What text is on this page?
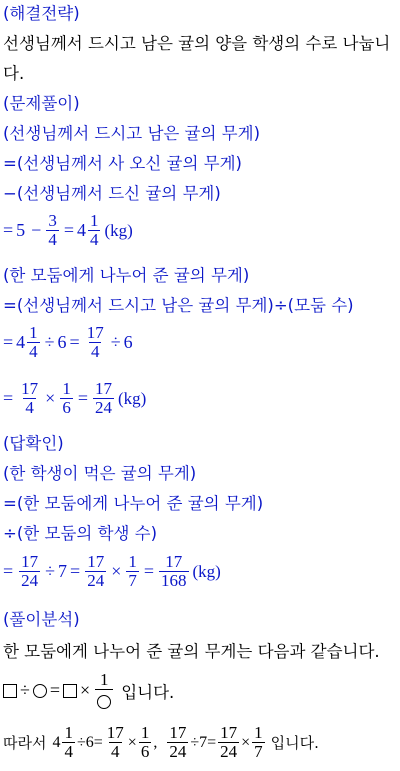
(해결전략)
선생님께서 드시고 남은 귤의 양을 학생의 수로 나눕니
다.
(문제풀이)
(선생님께서 드시고 남은 귤의 무게)
=(선생님께서 사 오신 귤의 무게)
−(선생님께서 드신 귤의 무게)
= $5 - \frac{3}{4} = 4 \frac{1}{4} (kg)$
(한 모둠에게 나누어 준 귤의 무게)
=(선생님께서 드시고 남은 귤의 무게)÷(모둠 수)
= $4 \frac{1}{4} \div 6 = \frac{17}{4} \div 6$
= $\frac{17}{4} \times \frac{1}{6} = \frac{17}{24} (kg)$
(답확인)
(한 학생이 먹은 귤의 무게)
=(한 모둠에게 나누어 준 귤의 무게)
÷(한 모둠의 학생 수)
= $\frac{17}{24} \div 7 = \frac{17}{24} \times \frac{1}{7} = \frac{17}{168} (kg)$
(풀이분석)
한 모둠에게 나누어 준 귤의 무게는 다음과 같습니다.
÷ = ×
1
입니다.
따라서 $4 \frac{1}{4} \div 6 = \frac{17}{4} \times \frac{1}{6}$ , $\frac{17}{24} \div 7 = \frac{17}{24} \times \frac{1}{7}$ 입니다.
